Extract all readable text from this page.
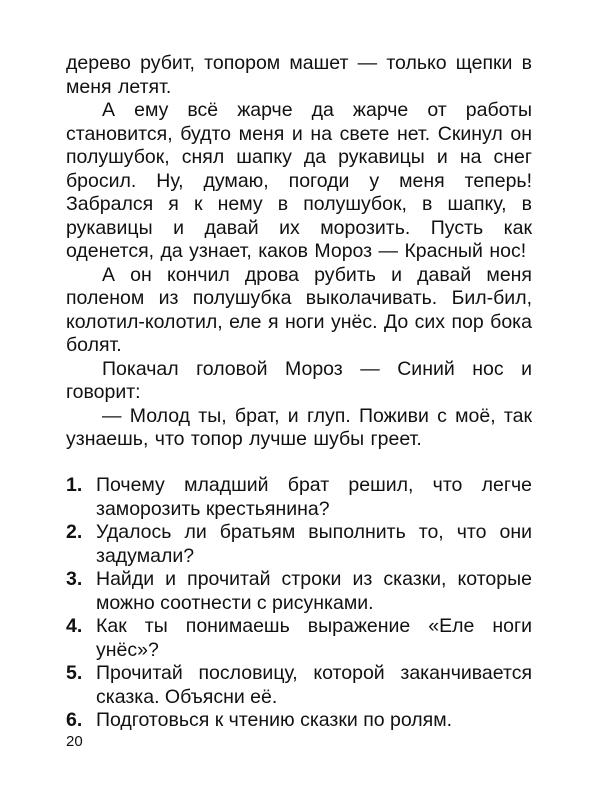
дерево рубит, топором машет — только щепки в меня летят.

А ему всё жарче да жарче от работы становится, будто меня и на свете нет. Скинул он полушубок, снял шапку да рукавицы и на снег бросил. Ну, думаю, погоди у меня теперь! Забрался я к нему в полушубок, в шапку, в рукавицы и давай их морозить. Пусть как оденется, да узнает, каков Мороз — Красный нос!

А он кончил дрова рубить и давай меня поленом из полушубка выколачивать. Бил-бил, колотил-колотил, еле я ноги унёс. До сих пор бока болят.

Покачал головой Мороз — Синий нос и говорит:

— Молод ты, брат, и глуп. Поживи с моё, так узнаешь, что топор лучше шубы греет.

1. Почему младший брат решил, что легче заморозить крестьянина?
2. Удалось ли братьям выполнить то, что они задумали?
3. Найди и прочитай строки из сказки, которые можно соотнести с рисунками.
4. Как ты понимаешь выражение «Еле ноги унёс»?
5. Прочитай пословицу, которой заканчивается сказка. Объясни её.
6. Подготовься к чтению сказки по ролям.
20
